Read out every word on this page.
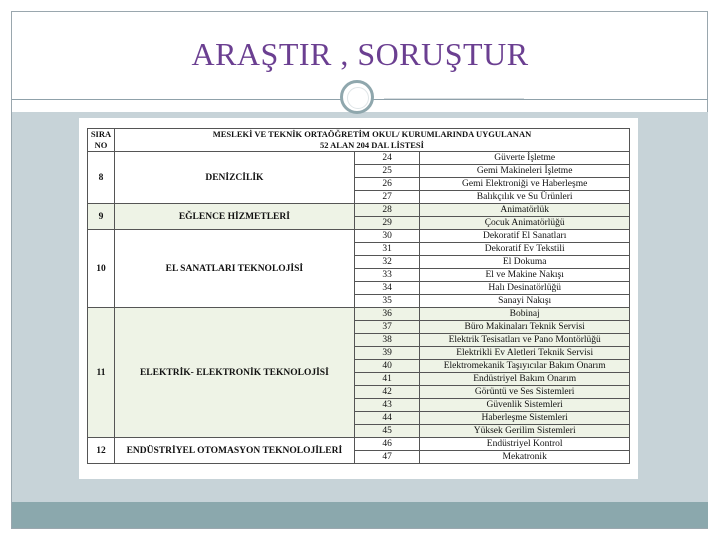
ARAŞTIR , SORUŞTUR
SIRA NO	MESLEKİ VE TEKNİK ORTAÖĞRETİM OKUL/ KURUMLARINDA UYGULANAN
52 ALAN 204 DAL LİSTESİ		

8	DENİZCİLİK	24	Güverte İşletme
		25	Gemi Makineleri İşletme
		26	Gemi Elektroniği ve Haberleşme
		27	Balıkçılık ve Su Ürünleri
9	EĞLENCE HİZMETLERİ	28	Animatörlük
		29	Çocuk Animatörlüğü
10	EL SANATLARI TEKNOLOJİSİ	30	Dekoratif El Sanatları
		31	Dekoratif Ev Tekstili
		32	El Dokuma
		33	El ve Makine Nakışı
		34	Halı Desinatörlüğü
		35	Sanayi Nakışı
11	ELEKTRİK- ELEKTRONİK TEKNOLOJİSİ	36	Bobinaj
		37	Büro Makinaları Teknik Servisi
		38	Elektrik Tesisatları ve Pano Montörlüğü
		39	Elektrikli Ev Aletleri Teknik Servisi
		40	Elektromekanik Taşıyıcılar Bakım Onarım
		41	Endüstriyel Bakım Onarım
		42	Görüntü ve Ses Sistemleri
		43	Güvenlik Sistemleri
		44	Haberleşme Sistemleri
		45	Yüksek Gerilim Sistemleri
12	ENDÜSTRİYEL OTOMASYON TEKNOLOJİLERİ	46	Endüstriyel Kontrol
		47	Mekatronik
